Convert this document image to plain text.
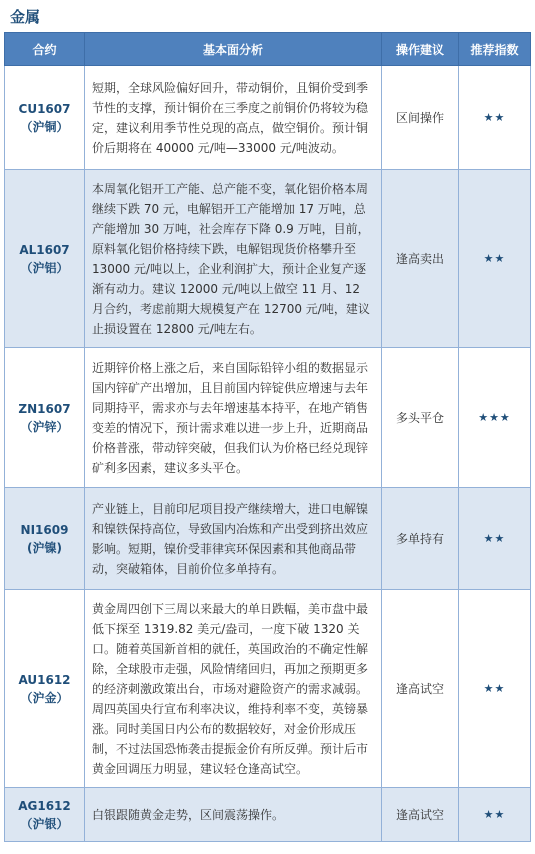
金属
合约	基本面分析	操作建议	推荐指数

CU1607
（沪铜）	短期，全球风险偏好回升，带动铜价，且铜价受到季节性的支撑，预计铜价在三季度之前铜价仍将较为稳定，建议利用季节性兑现的高点，做空铜价。预计铜价后期将在 40000 元/吨—33000 元/吨波动。	区间操作	★★

AL1607
（沪铝）	本周氧化铝开工产能、总产能不变，氧化铝价格本周继续下跌 70 元，电解铝开工产能增加 17 万吨，总产能增加 30 万吨，社会库存下降 0.9 万吨，目前，原料氧化铝价格持续下跌，电解铝现货价格攀升至 13000 元/吨以上，企业利润扩大，预计企业复产逐渐有动力。建议 12000 元/吨以上做空 11 月、12 月合约，考虑前期大规模复产在 12700 元/吨，建议止损设置在 12800 元/吨左右。	逢高卖出	★★

ZN1607
（沪锌）	近期锌价格上涨之后，来自国际铅锌小组的数据显示国内锌矿产出增加，且目前国内锌锭供应增速与去年同期持平，需求亦与去年增速基本持平，在地产销售变差的情况下，预计需求难以进一步上升，近期商品价格普涨，带动锌突破，但我们认为价格已经兑现锌矿利多因素，建议多头平仓。	多头平仓	★★★

NI1609
(沪镍)	产业链上，目前印尼项目投产继续增大，进口电解镍和镍铁保持高位，导致国内冶炼和产出受到挤出效应影响。短期，镍价受菲律宾环保因素和其他商品带动，突破箱体，目前价位多单持有。	多单持有	★★

AU1612
（沪金）	黄金周四创下三周以来最大的单日跌幅，美市盘中最低下探至 1319.82 美元/盎司，一度下破 1320 关口。随着英国新首相的就任，英国政治的不确定性解除，全球股市走强，风险情绪回归，再加之预期更多的经济刺激政策出台，市场对避险资产的需求减弱。周四英国央行宣布利率决议，维持利率不变，英镑暴涨。同时美国日内公布的数据较好，对金价形成压制，不过法国恐怖袭击提振金价有所反弹。预计后市黄金回调压力明显，建议轻仓逢高试空。	逢高试空	★★

AG1612
（沪银）	白银跟随黄金走势，区间震荡操作。	逢高试空	★★
